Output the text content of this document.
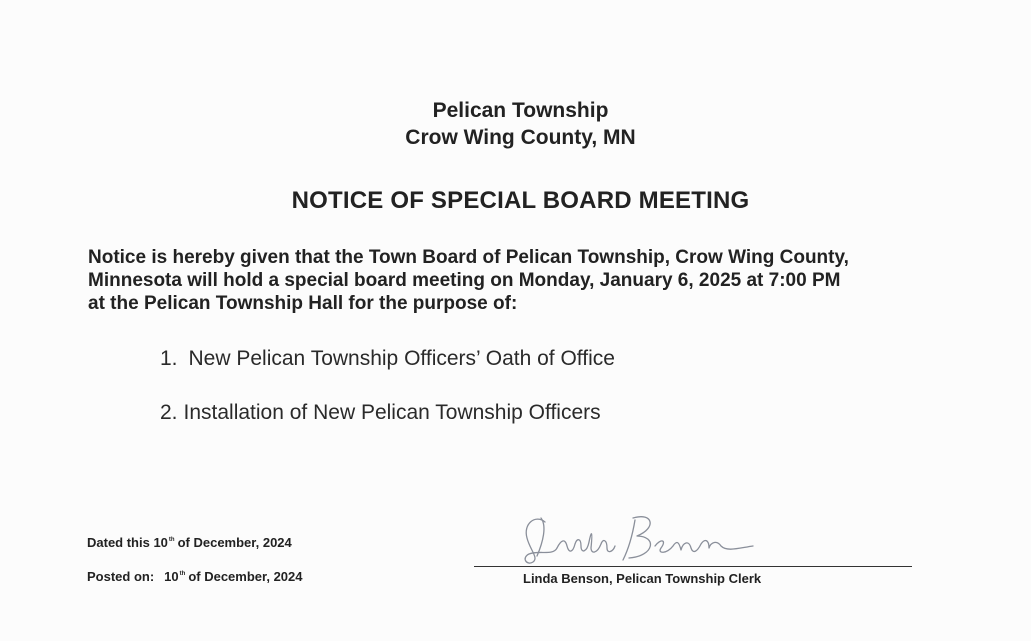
Pelican Township
Crow Wing County, MN
NOTICE OF SPECIAL BOARD MEETING
Notice is hereby given that the Town Board of Pelican Township, Crow Wing County,
Minnesota will hold a special board meeting on Monday, January 6, 2025 at 7:00 PM
at the Pelican Township Hall for the purpose of:
1. New Pelican Township Officers’ Oath of Office
2. Installation of New Pelican Township Officers
Dated this 10th of December, 2024
Posted on: 10th of December, 2024	Linda Benson, Pelican Township Clerk
